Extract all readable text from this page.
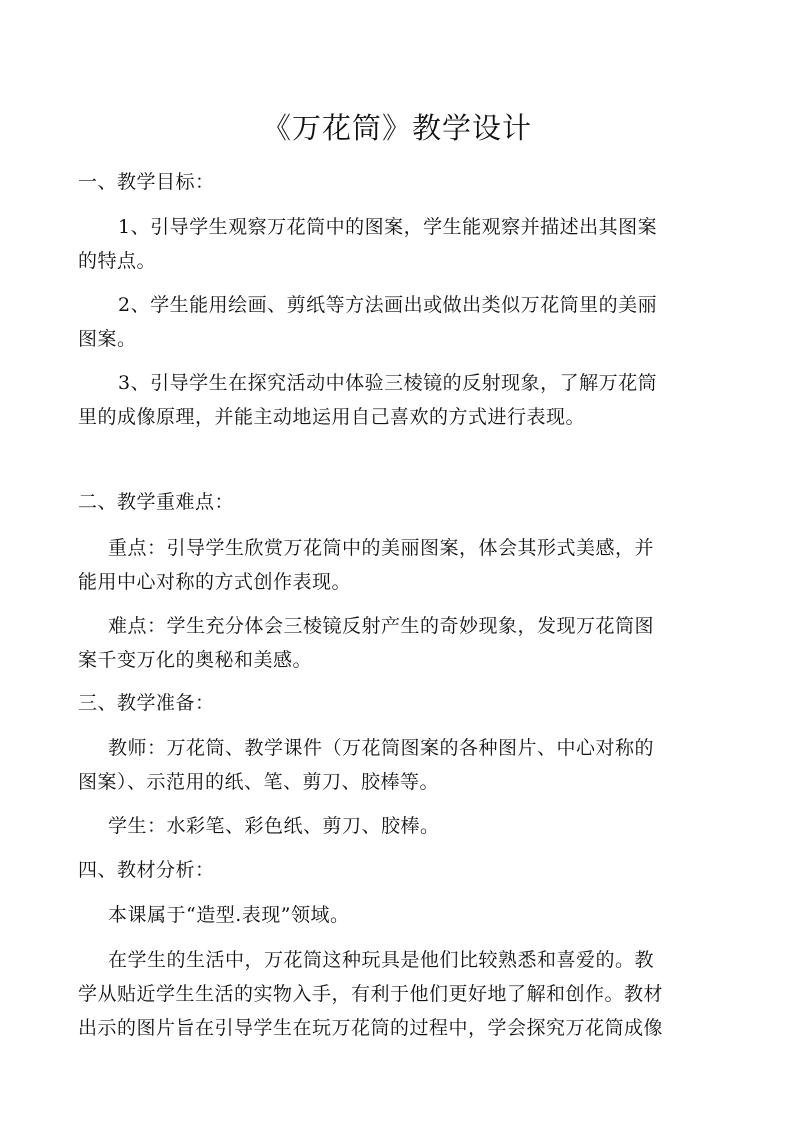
《万花筒》教学设计
一、教学目标：
1、引导学生观察万花筒中的图案，学生能观察并描述出其图案
的特点。
2、学生能用绘画、剪纸等方法画出或做出类似万花筒里的美丽
图案。
3、引导学生在探究活动中体验三棱镜的反射现象，了解万花筒
里的成像原理，并能主动地运用自己喜欢的方式进行表现。
二、教学重难点：
重点：引导学生欣赏万花筒中的美丽图案，体会其形式美感，并
能用中心对称的方式创作表现。
难点：学生充分体会三棱镜反射产生的奇妙现象，发现万花筒图
案千变万化的奥秘和美感。
三、教学准备：
教师：万花筒、教学课件（万花筒图案的各种图片、中心对称的
图案）、示范用的纸、笔、剪刀、胶棒等。
学生：水彩笔、彩色纸、剪刀、胶棒。
四、教材分析：
本课属于“造型.表现”领域。
在学生的生活中，万花筒这种玩具是他们比较熟悉和喜爱的。教
学从贴近学生生活的实物入手，有利于他们更好地了解和创作。教材
出示的图片旨在引导学生在玩万花筒的过程中，学会探究万花筒成像
